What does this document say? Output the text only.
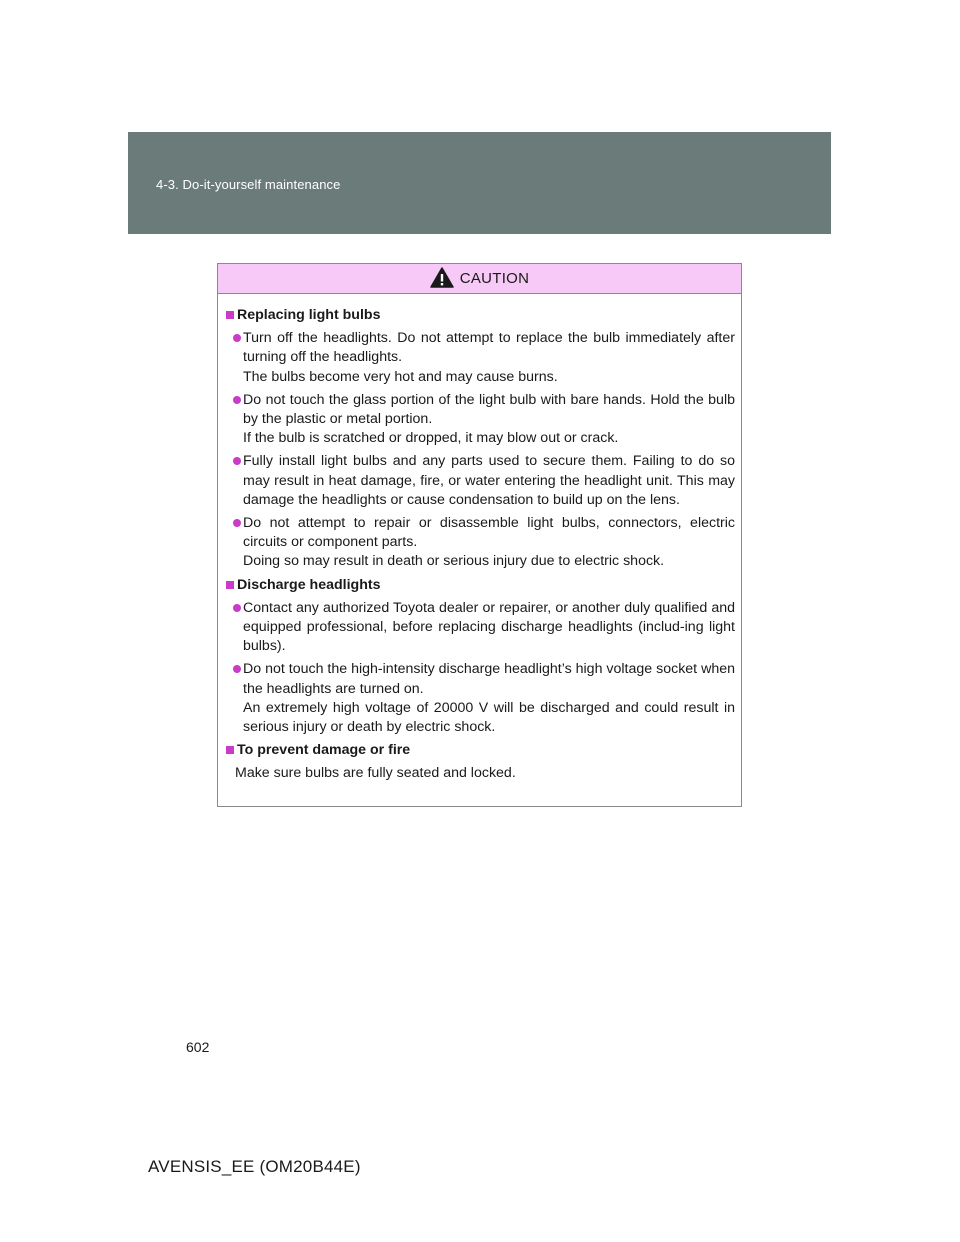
4-3. Do-it-yourself maintenance
CAUTION
Replacing light bulbs

Turn off the headlights. Do not attempt to replace the bulb immediately after turning off the headlights.

The bulbs become very hot and may cause burns.

Do not touch the glass portion of the light bulb with bare hands. Hold the bulb by the plastic or metal portion.

If the bulb is scratched or dropped, it may blow out or crack.

Fully install light bulbs and any parts used to secure them. Failing to do so may result in heat damage, fire, or water entering the headlight unit. This may damage the headlights or cause condensation to build up on the lens.

Do not attempt to repair or disassemble light bulbs, connectors, electric circuits or component parts.

Doing so may result in death or serious injury due to electric shock.

Discharge headlights

Contact any authorized Toyota dealer or repairer, or another duly qualified and equipped professional, before replacing discharge headlights (includ-ing light bulbs).

Do not touch the high-intensity discharge headlight’s high voltage socket when the headlights are turned on.

An extremely high voltage of 20000 V will be discharged and could result in serious injury or death by electric shock.

To prevent damage or fire

Make sure bulbs are fully seated and locked.

602
AVENSIS_EE (OM20B44E)
